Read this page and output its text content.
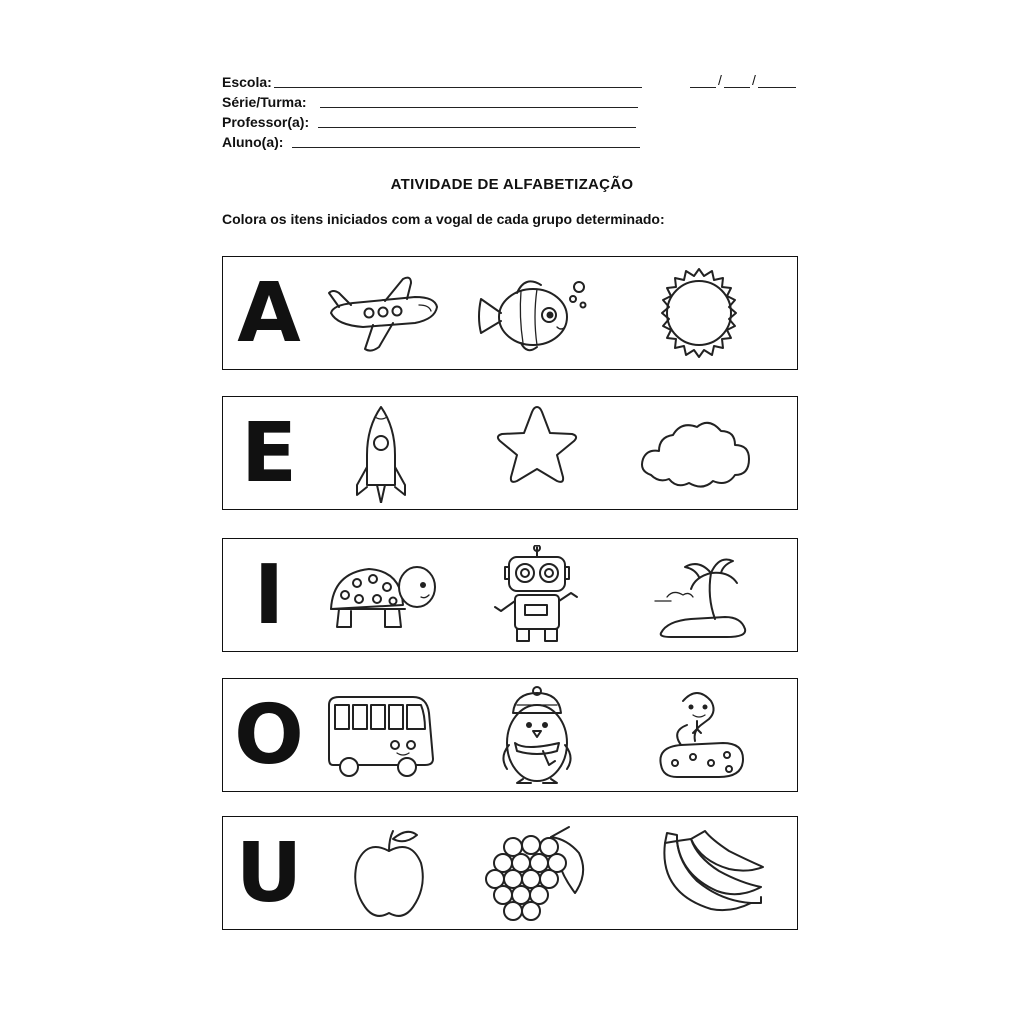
Escola:
Série/Turma:
Professor(a):
Aluno(a):
/ /
ATIVIDADE DE ALFABETIZAÇÃO
Colora os itens iniciados com a vogal de cada grupo determinado:
A
E
I
O
U
